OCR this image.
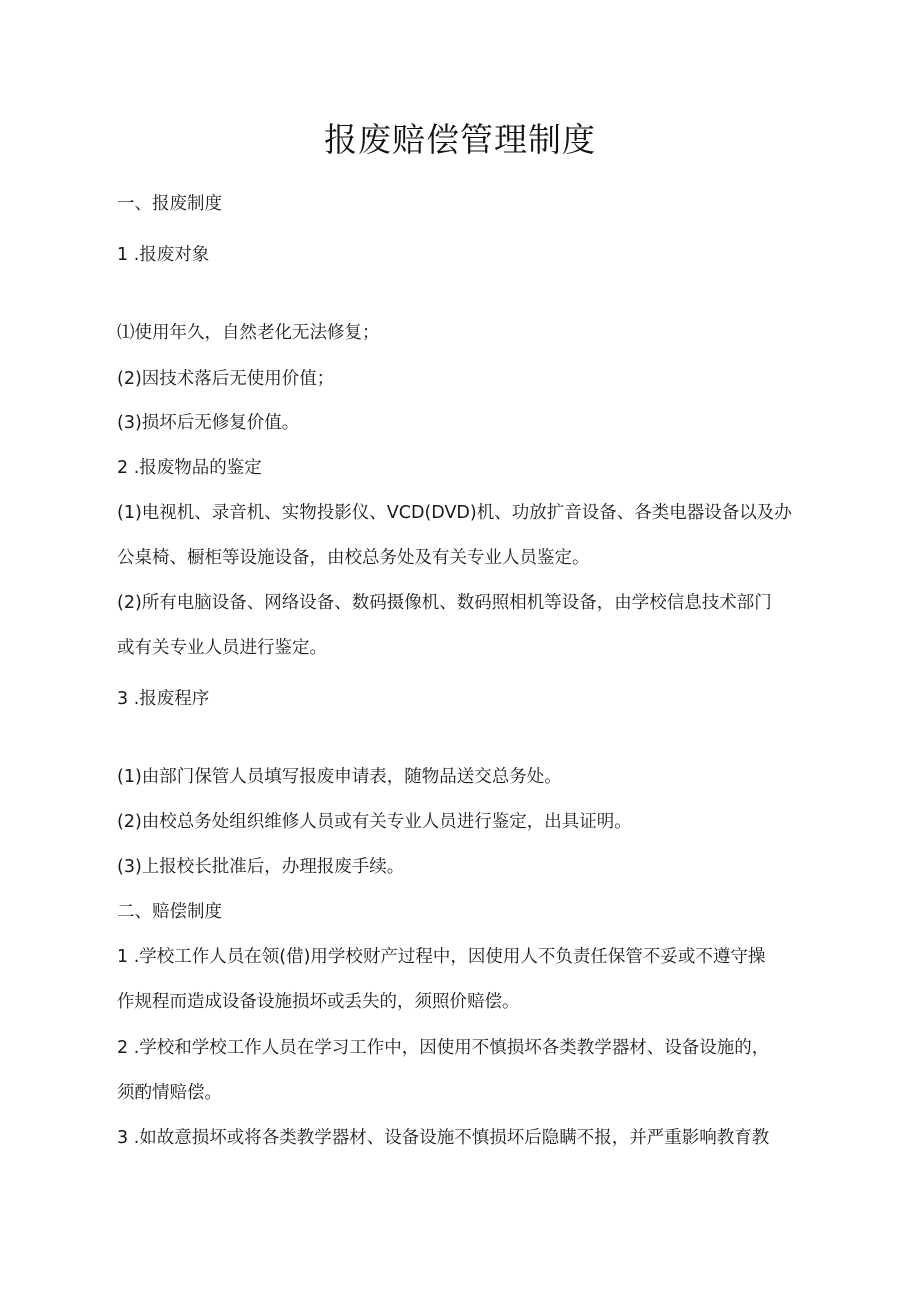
报废赔偿管理制度
一、报废制度
1 .报废对象
⑴使用年久，自然老化无法修复；
(2)因技术落后无使用价值；
(3)损坏后无修复价值。
2 .报废物品的鉴定
(1)电视机、录音机、实物投影仪、VCD(DVD)机、功放扩音设备、各类电器设备以及办
公桌椅、橱柜等设施设备，由校总务处及有关专业人员鉴定。
(2)所有电脑设备、网络设备、数码摄像机、数码照相机等设备，由学校信息技术部门
或有关专业人员进行鉴定。
3 .报废程序
(1)由部门保管人员填写报废申请表，随物品送交总务处。
(2)由校总务处组织维修人员或有关专业人员进行鉴定，出具证明。
(3)上报校长批准后，办理报废手续。
二、赔偿制度
1 .学校工作人员在领(借)用学校财产过程中，因使用人不负责任保管不妥或不遵守操
作规程而造成设备设施损坏或丢失的，须照价赔偿。
2 .学校和学校工作人员在学习工作中，因使用不慎损坏各类教学器材、设备设施的，
须酌情赔偿。
3 .如故意损坏或将各类教学器材、设备设施不慎损坏后隐瞒不报，并严重影响教育教
